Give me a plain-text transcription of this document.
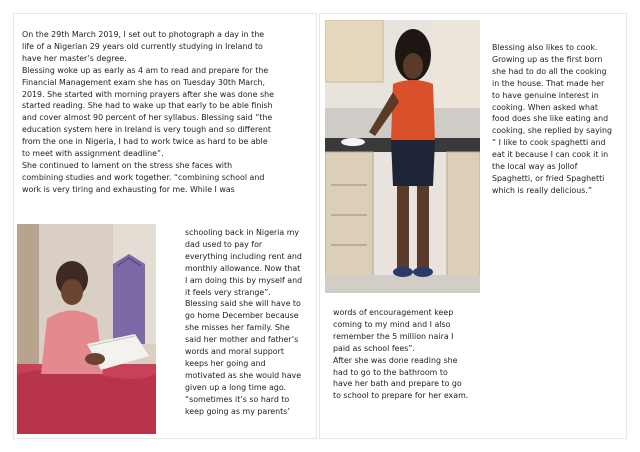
On the 29th March 2019, I set out to photograph a day in the
life of a Nigerian 29 years old currently studying in Ireland to
have her master’s degree.
Blessing woke up as early as 4 am to read and prepare for the
Financial Management exam she has on Tuesday 30th March,
2019. She started with morning prayers after she was done she
started reading. She had to wake up that early to be able finish
and cover almost 90 percent of her syllabus. Blessing said “the
education system here in Ireland is very tough and so different
from the one in Nigeria, I had to work twice as hard to be able
to meet with assignment deadline”.
She continued to lament on the stress she faces with
combining studies and work together. “combining school and
work is very tiring and exhausting for me. While I was

schooling back in Nigeria my
dad used to pay for
everything including rent and
monthly allowance. Now that
I am doing this by myself and
it feels very strange”.
Blessing said she will have to
go home December because
she misses her family. She
said her mother and father’s
words and moral support
keeps her going and
motivated as she would have
given up a long time ago.
“sometimes it’s so hard to
keep going as my parents’

Blessing also likes to cook.
Growing up as the first born
she had to do all the cooking
in the house. That made her
to have genuine interest in
cooking. When asked what
food does she like eating and
cooking, she replied by saying
“ I like to cook spaghetti and
eat it because I can cook it in
the local way as Jollof
Spaghetti, or fried Spaghetti
which is really delicious.”

words of encouragement keep
coming to my mind and I also
remember the 5 million naira I
paid as school fees”.
After she was done reading she
had to go to the bathroom to
have her bath and prepare to go
to school to prepare for her exam.
